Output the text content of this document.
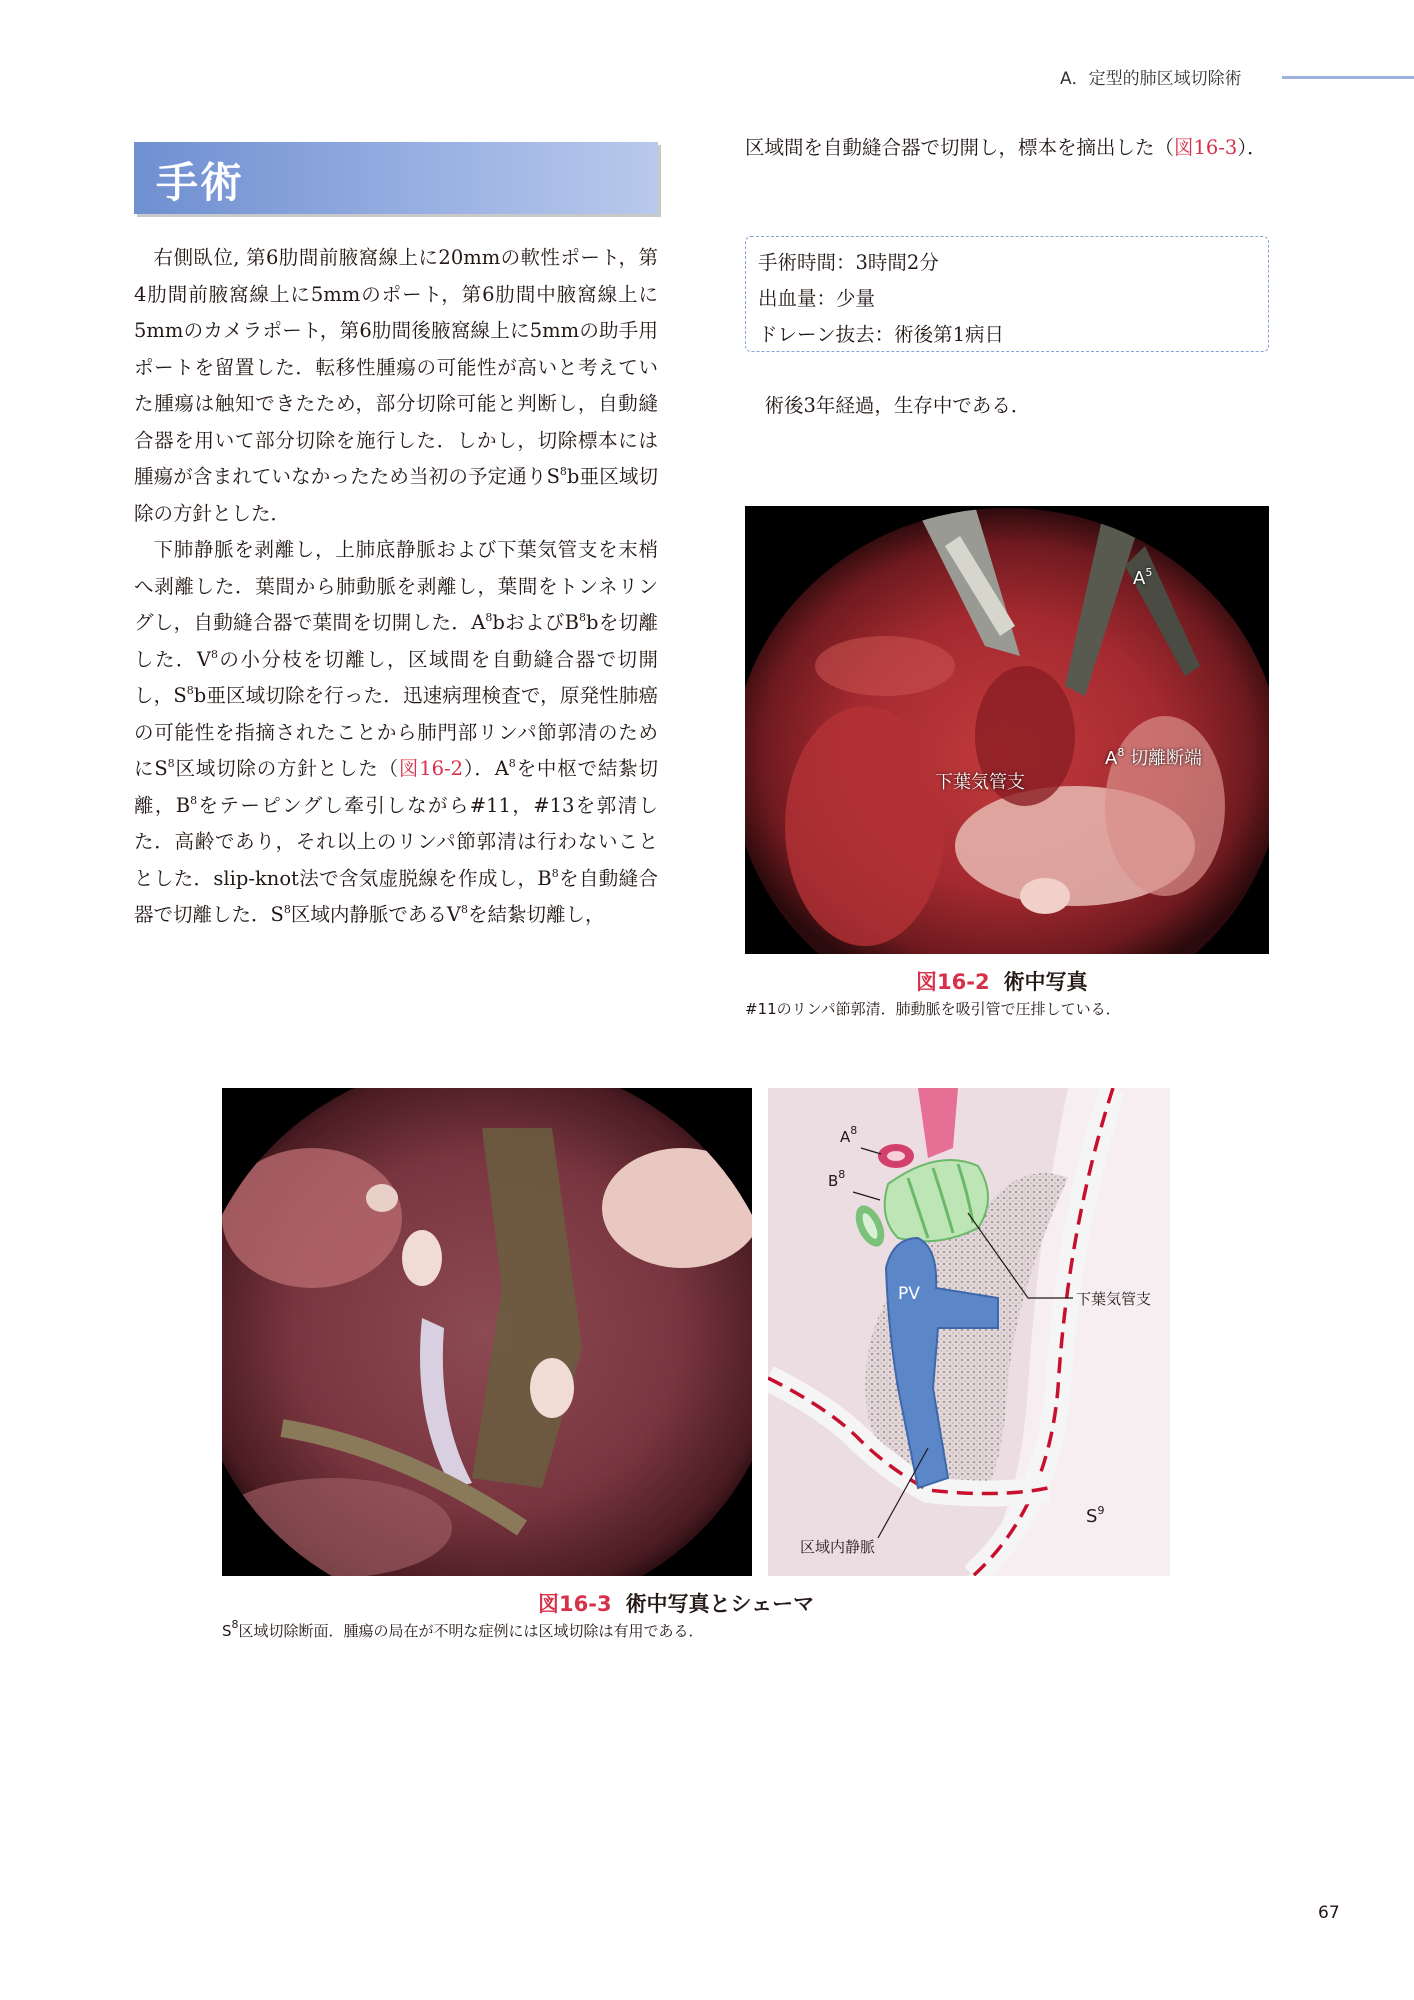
A．定型的肺区域切除術
手術

右側臥位, 第6肋間前腋窩線上に20mmの軟性ポート，第4肋間前腋窩線上に5mmのポート，第6肋間中腋窩線上に5mmのカメラポート，第6肋間後腋窩線上に5mmの助手用ポートを留置した．転移性腫瘍の可能性が高いと考えていた腫瘍は触知できたため，部分切除可能と判断し，自動縫合器を用いて部分切除を施行した．しかし，切除標本には腫瘍が含まれていなかったため当初の予定通り$S^8b$亜区域切除の方針とした．

下肺静脈を剥離し，上肺底静脈および下葉気管支を末梢へ剥離した．葉間から肺動脈を剥離し，葉間をトンネリングし，自動縫合器で葉間を切開した．$A^8b$および$B^8b$を切離した．$V^8$の小分枝を切離し，区域間を自動縫合器で切開し，$S^8b$亜区域切除を行った．迅速病理検査で，原発性肺癌の可能性を指摘されたことから肺門部リンパ節郭清のために$S^8$区域切除の方針とした（図16-2）．$A^8$を中枢で結紮切離，$B^8$をテーピングし牽引しながら#11，#13を郭清した．高齢であり，それ以上のリンパ節郭清は行わないこととした．slip-knot法で含気虚脱線を作成し，$B^8$を自動縫合器で切離した．$S^8$区域内静脈である$V^8$を結紮切離し，

区域間を自動縫合器で切開し，標本を摘出した（図16-3）．

手術時間：3時間2分
出血量：少量
ドレーン抜去：術後第1病日
術後3年経過，生存中である．
$A^5$
$A^8$ 切離断端
下葉気管支
図16-2 術中写真
#11のリンパ節郭清．肺動脈を吸引管で圧排している．
$A^8$
$B^8$
下葉気管支
PV
区域内静脈
$S^9$
図16-3 術中写真とシェーマ
$S^8$区域切除断面．腫瘍の局在が不明な症例には区域切除は有用である．
67
